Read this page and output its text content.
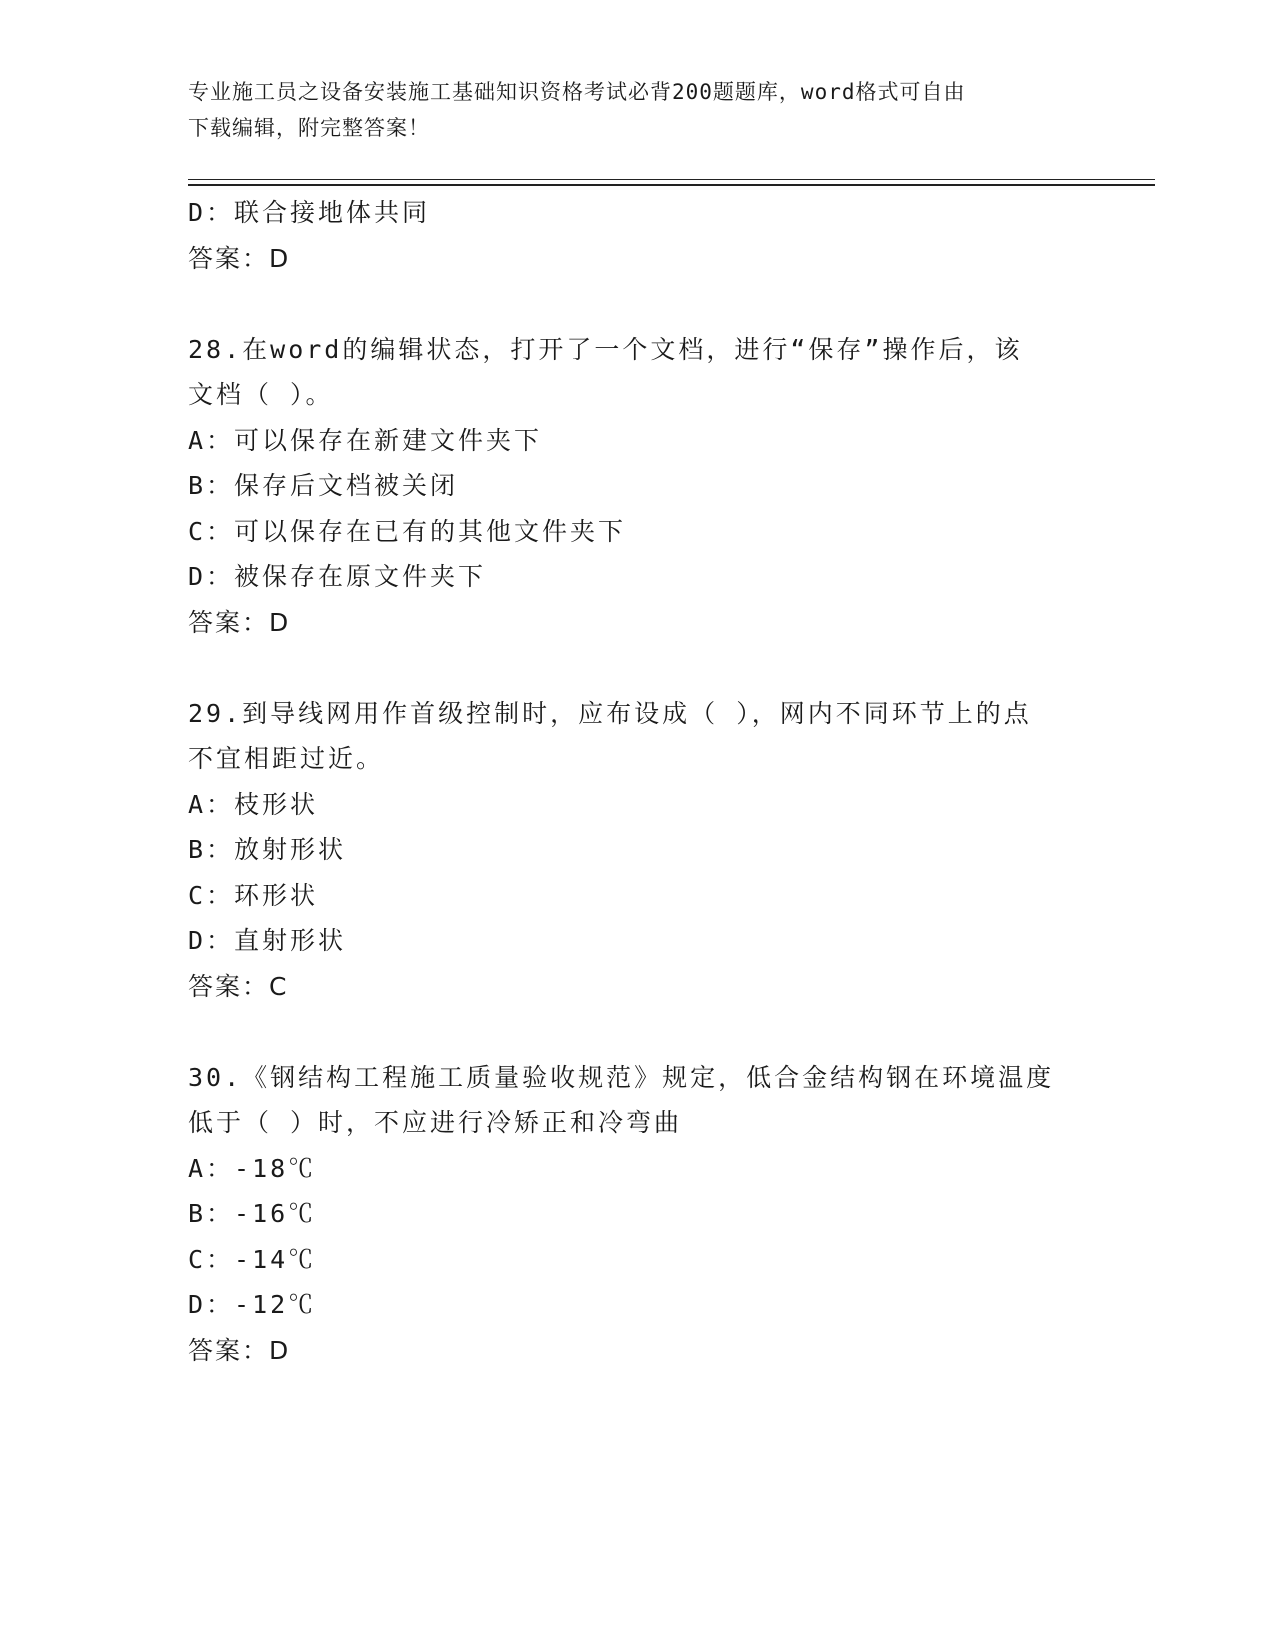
专业施工员之设备安装施工基础知识资格考试必背200题题库，word格式可自由
下载编辑，附完整答案！
D：联合接地体共同
答案：D
28.在word的编辑状态，打开了一个文档，进行“保存”操作后，该
文档（ ）。
A：可以保存在新建文件夹下
B：保存后文档被关闭
C：可以保存在已有的其他文件夹下
D：被保存在原文件夹下
答案：D
29.到导线网用作首级控制时，应布设成（ ），网内不同环节上的点
不宜相距过近。
A：枝形状
B：放射形状
C：环形状
D：直射形状
答案：C
30.《钢结构工程施工质量验收规范》规定，低合金结构钢在环境温度
低于（ ）时，不应进行冷矫正和冷弯曲
A：-18℃
B：-16℃
C：-14℃
D：-12℃
答案：D
